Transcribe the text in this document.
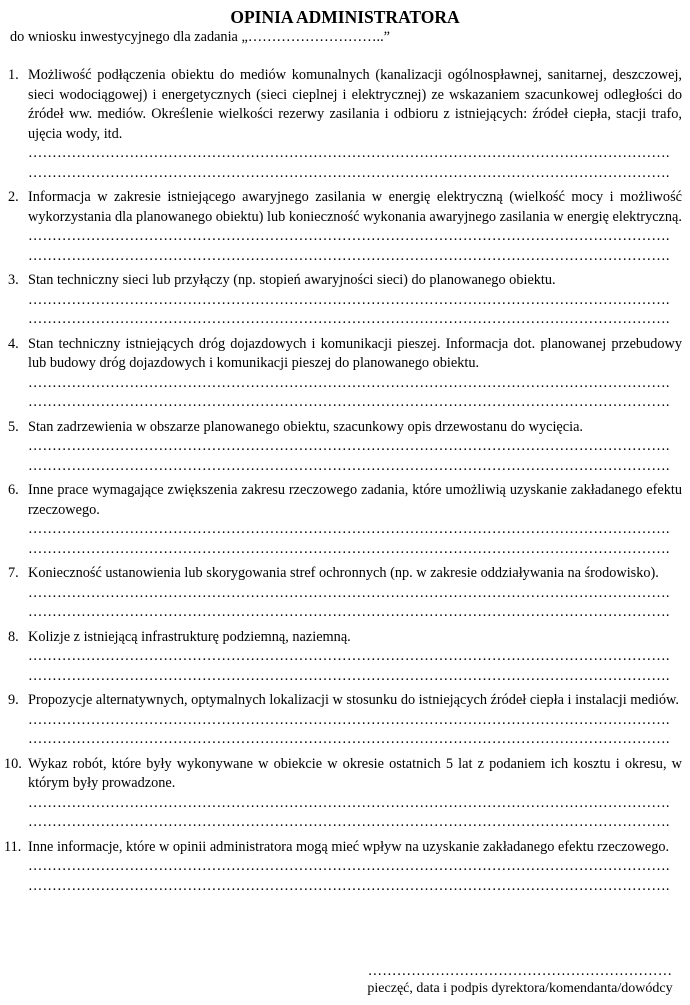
OPINIA ADMINISTRATORA
do wniosku inwestycyjnego dla zadania „………………………..”
1. Możliwość podłączenia obiektu do mediów komunalnych (kanalizacji ogólnospławnej, sanitarnej, deszczowej, sieci wodociągowej) i energetycznych (sieci cieplnej i elektrycznej) ze wskazaniem szacunkowej odległości do źródeł ww. mediów. Określenie wielkości rezerwy zasilania i odbioru z istniejących: źródeł ciepła, stacji trafo, ujęcia wody, itd.
…………………………………………………………………………………………………………………….
…………………………………………………………………………………………………………………….
2. Informacja w zakresie istniejącego awaryjnego zasilania w energię elektryczną (wielkość mocy i możliwość wykorzystania dla planowanego obiektu) lub konieczność wykonania awaryjnego zasilania w energię elektryczną.
…………………………………………………………………………………………………………………….
…………………………………………………………………………………………………………………….
3. Stan techniczny sieci lub przyłączy (np. stopień awaryjności sieci) do planowanego obiektu.
…………………………………………………………………………………………………………………….
…………………………………………………………………………………………………………………….
4. Stan techniczny istniejących dróg dojazdowych i komunikacji pieszej. Informacja dot. planowanej przebudowy lub budowy dróg dojazdowych i komunikacji pieszej do planowanego obiektu.
…………………………………………………………………………………………………………………….
…………………………………………………………………………………………………………………….
5. Stan zadrzewienia w obszarze planowanego obiektu, szacunkowy opis drzewostanu do wycięcia.
…………………………………………………………………………………………………………………….
…………………………………………………………………………………………………………………….
6. Inne prace wymagające zwiększenia zakresu rzeczowego zadania, które umożliwią uzyskanie zakładanego efektu rzeczowego.
…………………………………………………………………………………………………………………….
…………………………………………………………………………………………………………………….
7. Konieczność ustanowienia lub skorygowania stref ochronnych (np. w zakresie oddziaływania na środowisko).
…………………………………………………………………………………………………………………….
…………………………………………………………………………………………………………………….
8. Kolizje z istniejącą infrastrukturę podziemną, naziemną.
…………………………………………………………………………………………………………………….
…………………………………………………………………………………………………………………….
9. Propozycje alternatywnych, optymalnych lokalizacji w stosunku do istniejących źródeł ciepła i instalacji mediów.
…………………………………………………………………………………………………………………….
…………………………………………………………………………………………………………………….
10. Wykaz robót, które były wykonywane w obiekcie w okresie ostatnich 5 lat z podaniem ich kosztu i okresu, w którym były prowadzone.
…………………………………………………………………………………………………………………….
…………………………………………………………………………………………………………………….
11. Inne informacje, które w opinii administratora mogą mieć wpływ na uzyskanie zakładanego efektu rzeczowego.
…………………………………………………………………………………………………………………….
…………………………………………………………………………………………………………………….
………………………………………………………
pieczęć, data i podpis dyrektora/komendanta/dowódcy
